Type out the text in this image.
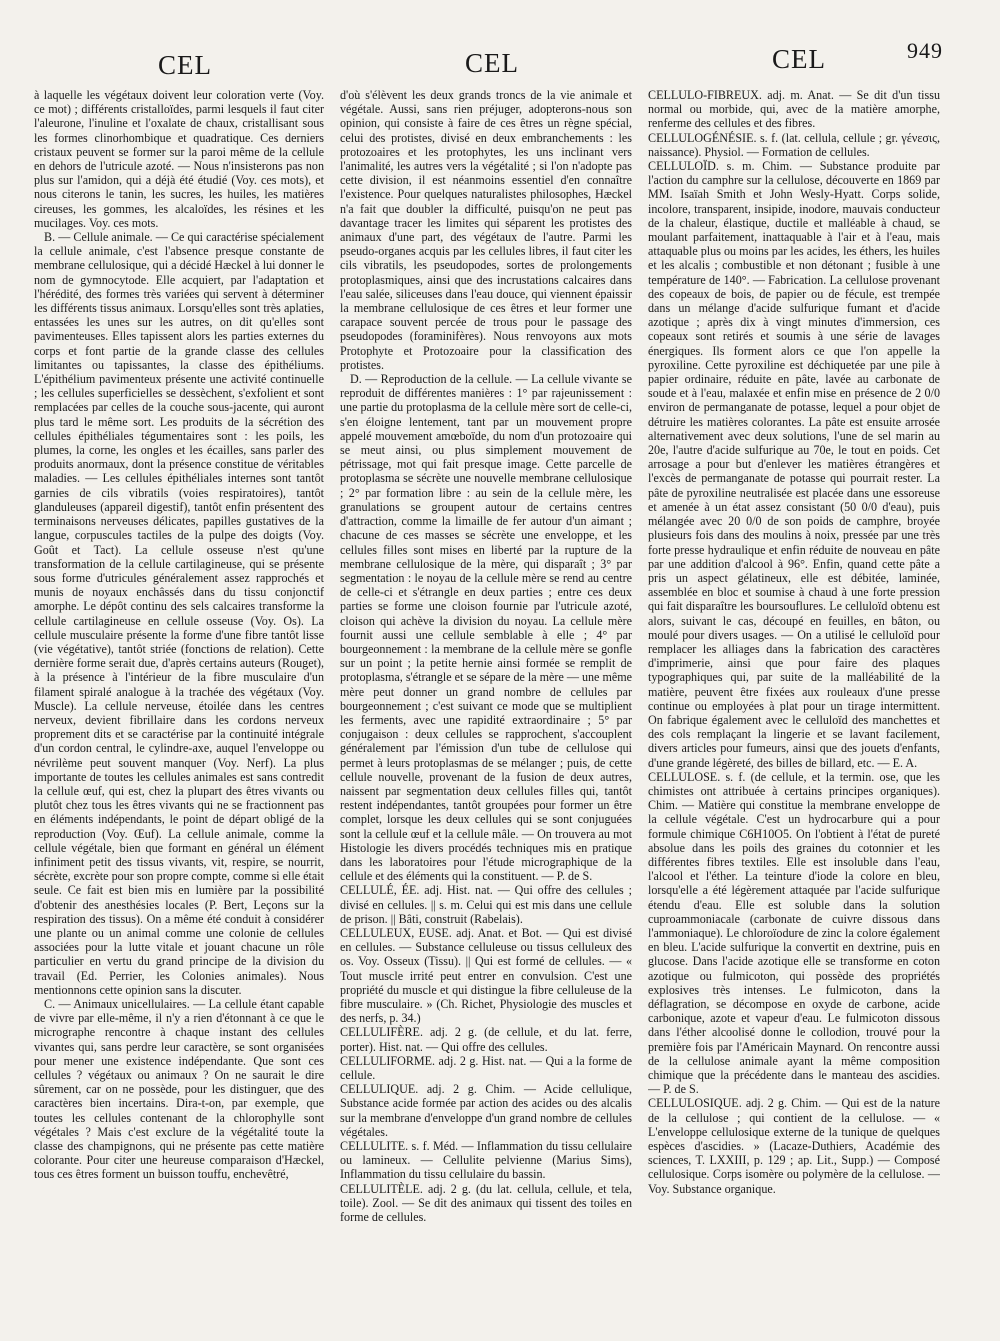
CEL	CEL	CEL	949

à laquelle les végétaux doivent leur coloration verte (Voy. ce mot) ; différents cristalloïdes, parmi lesquels il faut citer l'aleurone, l'inuline et l'oxalate de chaux, cristallisant sous les formes clinorhombique et quadratique. Ces derniers cristaux peuvent se former sur la paroi même de la cellule en dehors de l'utricule azoté. — Nous n'insisterons pas non plus sur l'amidon, qui a déjà été étudié (Voy. ces mots), et nous citerons le tanin, les sucres, les huiles, les matières cireuses, les gommes, les alcaloïdes, les résines et les mucilages. Voy. ces mots.

B. — Cellule animale. — Ce qui caractérise spécialement la cellule animale, c'est l'absence presque constante de membrane cellulosique, qui a décidé Hæckel à lui donner le nom de gymnocytode. Elle acquiert, par l'adaptation et l'hérédité, des formes très variées qui servent à déterminer les différents tissus animaux. Lorsqu'elles sont très aplaties, entassées les unes sur les autres, on dit qu'elles sont pavimenteuses. Elles tapissent alors les parties externes du corps et font partie de la grande classe des cellules limitantes ou tapissantes, la classe des épithéliums. L'épithélium pavimenteux présente une activité continuelle ; les cellules superficielles se dessèchent, s'exfolient et sont remplacées par celles de la couche sous-jacente, qui auront plus tard le même sort. Les produits de la sécrétion des cellules épithéliales tégumentaires sont : les poils, les plumes, la corne, les ongles et les écailles, sans parler des produits anormaux, dont la présence constitue de véritables maladies. — Les cellules épithéliales internes sont tantôt garnies de cils vibratils (voies respiratoires), tantôt glanduleuses (appareil digestif), tantôt enfin présentent des terminaisons nerveuses délicates, papilles gustatives de la langue, corpuscules tactiles de la pulpe des doigts (Voy. Goût et Tact). La cellule osseuse n'est qu'une transformation de la cellule cartilagineuse, qui se présente sous forme d'utricules généralement assez rapprochés et munis de noyaux enchâssés dans du tissu conjonctif amorphe. Le dépôt continu des sels calcaires transforme la cellule cartilagineuse en cellule osseuse (Voy. Os). La cellule musculaire présente la forme d'une fibre tantôt lisse (vie végétative), tantôt striée (fonctions de relation). Cette dernière forme serait due, d'après certains auteurs (Rouget), à la présence à l'intérieur de la fibre musculaire d'un filament spiralé analogue à la trachée des végétaux (Voy. Muscle). La cellule nerveuse, étoilée dans les centres nerveux, devient fibrillaire dans les cordons nerveux proprement dits et se caractérise par la continuité intégrale d'un cordon central, le cylindre-axe, auquel l'enveloppe ou névrilème peut souvent manquer (Voy. Nerf). La plus importante de toutes les cellules animales est sans contredit la cellule œuf, qui est, chez la plupart des êtres vivants ou plutôt chez tous les êtres vivants qui ne se fractionnent pas en éléments indépendants, le point de départ obligé de la reproduction (Voy. Œuf). La cellule animale, comme la cellule végétale, bien que formant en général un élément infiniment petit des tissus vivants, vit, respire, se nourrit, sécrète, excrète pour son propre compte, comme si elle était seule. Ce fait est bien mis en lumière par la possibilité d'obtenir des anesthésies locales (P. Bert, Leçons sur la respiration des tissus). On a même été conduit à considérer une plante ou un animal comme une colonie de cellules associées pour la lutte vitale et jouant chacune un rôle particulier en vertu du grand principe de la division du travail (Ed. Perrier, les Colonies animales). Nous mentionnons cette opinion sans la discuter.

C. — Animaux unicellulaires. — La cellule étant capable de vivre par elle-même, il n'y a rien d'étonnant à ce que le micrographe rencontre à chaque instant des cellules vivantes qui, sans perdre leur caractère, se sont organisées pour mener une existence indépendante. Que sont ces cellules ? végétaux ou animaux ? On ne saurait le dire sûrement, car on ne possède, pour les distinguer, que des caractères bien incertains. Dira-t-on, par exemple, que toutes les cellules contenant de la chlorophylle sont végétales ? Mais c'est exclure de la végétalité toute la classe des champignons, qui ne présente pas cette matière colorante. Pour citer une heureuse comparaison d'Hæckel, tous ces êtres forment un buisson touffu, enchevêtré,

d'où s'élèvent les deux grands troncs de la vie animale et végétale. Aussi, sans rien préjuger, adopterons-nous son opinion, qui consiste à faire de ces êtres un règne spécial, celui des protistes, divisé en deux embranchements : les protozoaires et les protophytes, les uns inclinant vers l'animalité, les autres vers la végétalité ; si l'on n'adopte pas cette division, il est néanmoins essentiel d'en connaître l'existence. Pour quelques naturalistes philosophes, Hæckel n'a fait que doubler la difficulté, puisqu'on ne peut pas davantage tracer les limites qui séparent les protistes des animaux d'une part, des végétaux de l'autre. Parmi les pseudo-organes acquis par les cellules libres, il faut citer les cils vibratils, les pseudopodes, sortes de prolongements protoplasmiques, ainsi que des incrustations calcaires dans l'eau salée, siliceuses dans l'eau douce, qui viennent épaissir la membrane cellulosique de ces êtres et leur former une carapace souvent percée de trous pour le passage des pseudopodes (foraminifères). Nous renvoyons aux mots Protophyte et Protozoaire pour la classification des protistes.

D. — Reproduction de la cellule. — La cellule vivante se reproduit de différentes manières : 1° par rajeunissement : une partie du protoplasma de la cellule mère sort de celle-ci, s'en éloigne lentement, tant par un mouvement propre appelé mouvement amœboïde, du nom d'un protozoaire qui se meut ainsi, ou plus simplement mouvement de pétrissage, mot qui fait presque image. Cette parcelle de protoplasma se sécrète une nouvelle membrane cellulosique ; 2° par formation libre : au sein de la cellule mère, les granulations se groupent autour de certains centres d'attraction, comme la limaille de fer autour d'un aimant ; chacune de ces masses se sécrète une enveloppe, et les cellules filles sont mises en liberté par la rupture de la membrane cellulosique de la mère, qui disparaît ; 3° par segmentation : le noyau de la cellule mère se rend au centre de celle-ci et s'étrangle en deux parties ; entre ces deux parties se forme une cloison fournie par l'utricule azoté, cloison qui achève la division du noyau. La cellule mère fournit aussi une cellule semblable à elle ; 4° par bourgeonnement : la membrane de la cellule mère se gonfle sur un point ; la petite hernie ainsi formée se remplit de protoplasma, s'étrangle et se sépare de la mère — une même mère peut donner un grand nombre de cellules par bourgeonnement ; c'est suivant ce mode que se multiplient les ferments, avec une rapidité extraordinaire ; 5° par conjugaison : deux cellules se rapprochent, s'accouplent généralement par l'émission d'un tube de cellulose qui permet à leurs protoplasmas de se mélanger ; puis, de cette cellule nouvelle, provenant de la fusion de deux autres, naissent par segmentation deux cellules filles qui, tantôt restent indépendantes, tantôt groupées pour former un être complet, lorsque les deux cellules qui se sont conjuguées sont la cellule œuf et la cellule mâle. — On trouvera au mot Histologie les divers procédés techniques mis en pratique dans les laboratoires pour l'étude micrographique de la cellule et des éléments qui la constituent. — P. de S.

CELLULÉ, ÉE. adj. Hist. nat. — Qui offre des cellules ; divisé en cellules. || s. m. Celui qui est mis dans une cellule de prison. || Bâti, construit (Rabelais).

CELLULEUX, EUSE. adj. Anat. et Bot. — Qui est divisé en cellules. — Substance celluleuse ou tissus celluleux des os. Voy. Osseux (Tissu). || Qui est formé de cellules. — « Tout muscle irrité peut entrer en convulsion. C'est une propriété du muscle et qui distingue la fibre celluleuse de la fibre musculaire. » (Ch. Richet, Physiologie des muscles et des nerfs, p. 34.)

CELLULIFÈRE. adj. 2 g. (de cellule, et du lat. ferre, porter). Hist. nat. — Qui offre des cellules.

CELLULIFORME. adj. 2 g. Hist. nat. — Qui a la forme de cellule.

CELLULIQUE. adj. 2 g. Chim. — Acide cellulique, Substance acide formée par action des acides ou des alcalis sur la membrane d'enveloppe d'un grand nombre de cellules végétales.

CELLULITE. s. f. Méd. — Inflammation du tissu cellulaire ou lamineux. — Cellulite pelvienne (Marius Sims), Inflammation du tissu cellulaire du bassin.

CELLULITÈLE. adj. 2 g. (du lat. cellula, cellule, et tela, toile). Zool. — Se dit des animaux qui tissent des toiles en forme de cellules.

CELLULO-FIBREUX. adj. m. Anat. — Se dit d'un tissu normal ou morbide, qui, avec de la matière amorphe, renferme des cellules et des fibres.

CELLULOGÉNÉSIE. s. f. (lat. cellula, cellule ; gr. γένεσις, naissance). Physiol. — Formation de cellules.

CELLULOÏD. s. m. Chim. — Substance produite par l'action du camphre sur la cellulose, découverte en 1869 par MM. Isaïah Smith et John Wesly-Hyatt. Corps solide, incolore, transparent, insipide, inodore, mauvais conducteur de la chaleur, élastique, ductile et malléable à chaud, se moulant parfaitement, inattaquable à l'air et à l'eau, mais attaquable plus ou moins par les acides, les éthers, les huiles et les alcalis ; combustible et non détonant ; fusible à une température de 140°. — Fabrication. La cellulose provenant des copeaux de bois, de papier ou de fécule, est trempée dans un mélange d'acide sulfurique fumant et d'acide azotique ; après dix à vingt minutes d'immersion, ces copeaux sont retirés et soumis à une série de lavages énergiques. Ils forment alors ce que l'on appelle la pyroxiline. Cette pyroxiline est déchiquetée par une pile à papier ordinaire, réduite en pâte, lavée au carbonate de soude et à l'eau, malaxée et enfin mise en présence de 2 0/0 environ de permanganate de potasse, lequel a pour objet de détruire les matières colorantes. La pâte est ensuite arrosée alternativement avec deux solutions, l'une de sel marin au 20e, l'autre d'acide sulfurique au 70e, le tout en poids. Cet arrosage a pour but d'enlever les matières étrangères et l'excès de permanganate de potasse qui pourrait rester. La pâte de pyroxiline neutralisée est placée dans une essoreuse et amenée à un état assez consistant (50 0/0 d'eau), puis mélangée avec 20 0/0 de son poids de camphre, broyée plusieurs fois dans des moulins à noix, pressée par une très forte presse hydraulique et enfin réduite de nouveau en pâte par une addition d'alcool à 96°. Enfin, quand cette pâte a pris un aspect gélatineux, elle est débitée, laminée, assemblée en bloc et soumise à chaud à une forte pression qui fait disparaître les boursouflures. Le celluloïd obtenu est alors, suivant le cas, découpé en feuilles, en bâton, ou moulé pour divers usages. — On a utilisé le celluloïd pour remplacer les alliages dans la fabrication des caractères d'imprimerie, ainsi que pour faire des plaques typographiques qui, par suite de la malléabilité de la matière, peuvent être fixées aux rouleaux d'une presse continue ou employées à plat pour un tirage intermittent. On fabrique également avec le celluloïd des manchettes et des cols remplaçant la lingerie et se lavant facilement, divers articles pour fumeurs, ainsi que des jouets d'enfants, d'une grande légèreté, des billes de billard, etc. — E. A.

CELLULOSE. s. f. (de cellule, et la termin. ose, que les chimistes ont attribuée à certains principes organiques). Chim. — Matière qui constitue la membrane enveloppe de la cellule végétale. C'est un hydrocarbure qui a pour formule chimique C6H10O5. On l'obtient à l'état de pureté absolue dans les poils des graines du cotonnier et les différentes fibres textiles. Elle est insoluble dans l'eau, l'alcool et l'éther. La teinture d'iode la colore en bleu, lorsqu'elle a été légèrement attaquée par l'acide sulfurique étendu d'eau. Elle est soluble dans la solution cuproammoniacale (carbonate de cuivre dissous dans l'ammoniaque). Le chloroïodure de zinc la colore également en bleu. L'acide sulfurique la convertit en dextrine, puis en glucose. Dans l'acide azotique elle se transforme en coton azotique ou fulmicoton, qui possède des propriétés explosives très intenses. Le fulmicoton, dans la déflagration, se décompose en oxyde de carbone, acide carbonique, azote et vapeur d'eau. Le fulmicoton dissous dans l'éther alcoolisé donne le collodion, trouvé pour la première fois par l'Américain Maynard. On rencontre aussi de la cellulose animale ayant la même composition chimique que la précédente dans le manteau des ascidies. — P. de S.

CELLULOSIQUE. adj. 2 g. Chim. — Qui est de la nature de la cellulose ; qui contient de la cellulose. — « L'enveloppe cellulosique externe de la tunique de quelques espèces d'ascidies. » (Lacaze-Duthiers, Académie des sciences, T. LXXIII, p. 129 ; ap. Lit., Supp.) — Composé cellulosique. Corps isomère ou polymère de la cellulose. — Voy. Substance organique.
